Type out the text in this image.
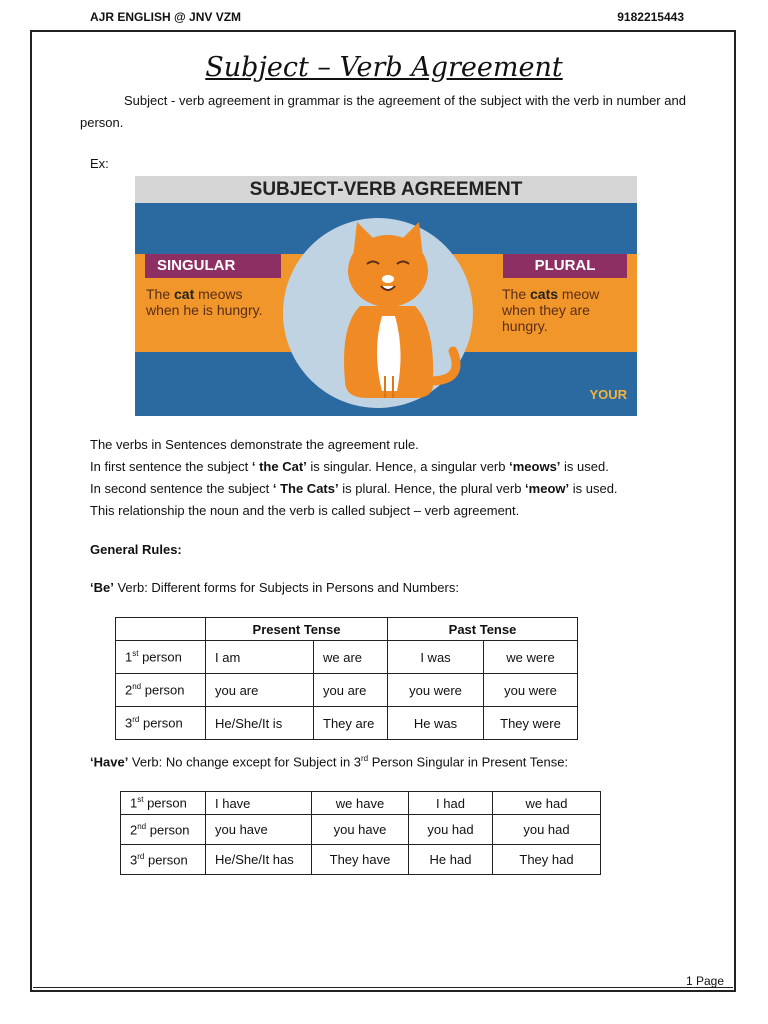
AJR ENGLISH @ JNV VZM	9182215443
Subject – Verb Agreement
Subject - verb agreement in grammar is the agreement of the subject with the verb in number and person.
Ex:
SUBJECT-VERB AGREEMENT
SINGULAR	PLURAL
The cat meows when he is hungry.
The cats meow when they are hungry.
YOUR

The verbs in Sentences demonstrate the agreement rule.

In first sentence the subject ‘ the Cat’ is singular. Hence, a singular verb ‘meows’ is used.

In second sentence the subject ‘ The Cats’ is plural. Hence, the plural verb ‘meow’ is used.

This relationship the noun and the verb is called subject – verb agreement.

General Rules:
‘Be’ Verb: Different forms for Subjects in Persons and Numbers:
	Present Tense		Past Tense	
1st person	I am	we are	I was	we were
2nd person	you are	you are	you were	you were
3rd person	He/She/It is	They are	He was	They were
‘Have’ Verb: No change except for Subject in 3rd Person Singular in Present Tense:
1st person	I have	we have	I had	we had
2nd person	you have	you have	you had	you had
3rd person	He/She/It has	They have	He had	They had
1 Page
